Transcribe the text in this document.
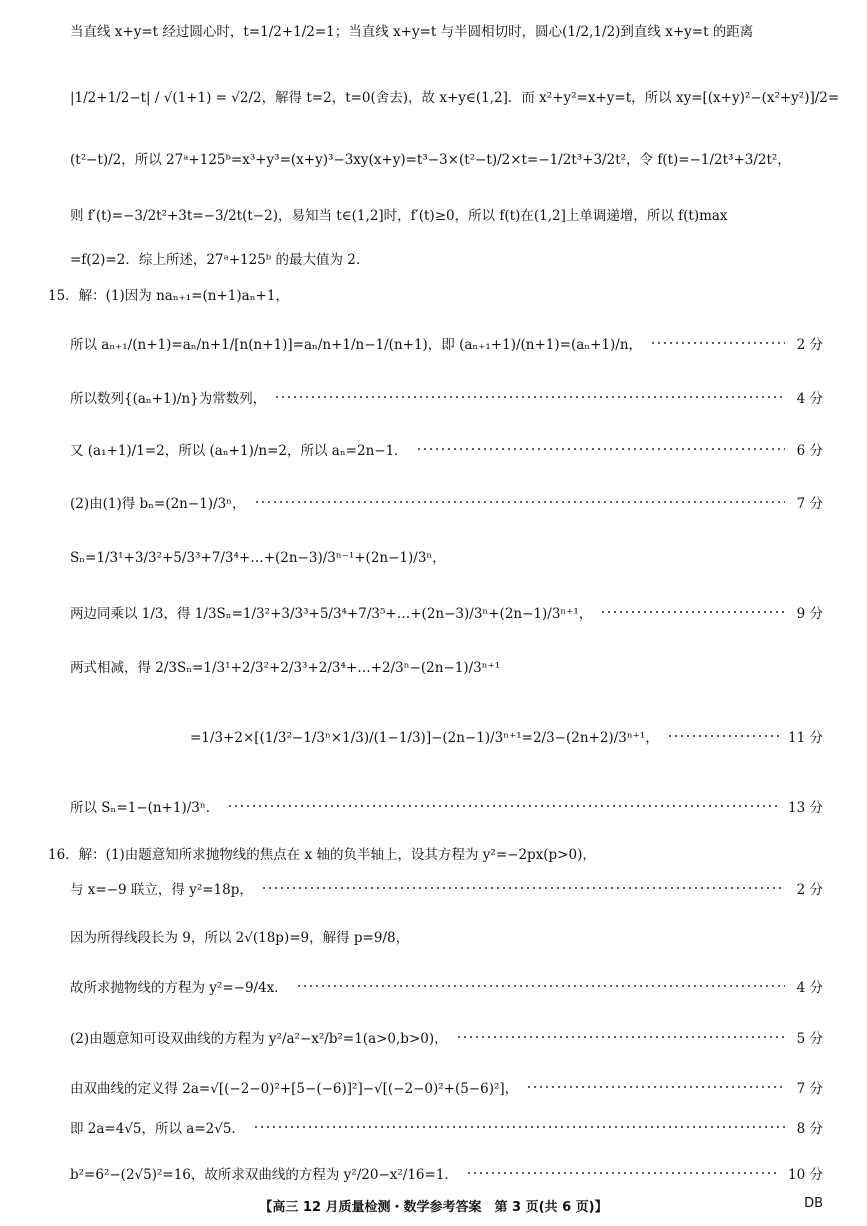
当直线 x+y=t 经过圆心时，t=1/2+1/2=1；当直线 x+y=t 与半圆相切时，圆心(1/2,1/2)到直线 x+y=t 的距离
|1/2+1/2−t| / √(1+1) = √2/2，解得 t=2，t=0(舍去)，故 x+y∈(1,2]．而 x²+y²=x+y=t，所以 xy=[(x+y)²−(x²+y²)]/2=
(t²−t)/2，所以 27ᵃ+125ᵇ=x³+y³=(x+y)³−3xy(x+y)=t³−3×(t²−t)/2×t=−1/2t³+3/2t²，令 f(t)=−1/2t³+3/2t²，
则 f′(t)=−3/2t²+3t=−3/2t(t−2)，易知当 t∈(1,2]时，f′(t)≥0，所以 f(t)在(1,2]上单调递增，所以 f(t)max
=f(2)=2．综上所述，27ᵃ+125ᵇ 的最大值为 2．
15．解：(1)因为 naₙ₊₁=(n+1)aₙ+1，
所以 aₙ₊₁/(n+1)=aₙ/n+1/[n(n+1)]=aₙ/n+1/n−1/(n+1)，即 (aₙ₊₁+1)/(n+1)=(aₙ+1)/n，	2 分
所以数列{(aₙ+1)/n}为常数列，	4 分
又 (a₁+1)/1=2，所以 (aₙ+1)/n=2，所以 aₙ=2n−1．	6 分
(2)由(1)得 bₙ=(2n−1)/3ⁿ，	7 分
Sₙ=1/3¹+3/3²+5/3³+7/3⁴+…+(2n−3)/3ⁿ⁻¹+(2n−1)/3ⁿ，
两边同乘以 1/3，得 1/3Sₙ=1/3²+3/3³+5/3⁴+7/3⁵+…+(2n−3)/3ⁿ+(2n−1)/3ⁿ⁺¹，	9 分
两式相减，得 2/3Sₙ=1/3¹+2/3²+2/3³+2/3⁴+…+2/3ⁿ−(2n−1)/3ⁿ⁺¹
=1/3+2×[(1/3²−1/3ⁿ×1/3)/(1−1/3)]−(2n−1)/3ⁿ⁺¹=2/3−(2n+2)/3ⁿ⁺¹，	11 分
所以 Sₙ=1−(n+1)/3ⁿ．	13 分
16．解：(1)由题意知所求抛物线的焦点在 x 轴的负半轴上，设其方程为 y²=−2px(p>0)，
与 x=−9 联立，得 y²=18p，	2 分
因为所得线段长为 9，所以 2√(18p)=9，解得 p=9/8，
故所求抛物线的方程为 y²=−9/4x．	4 分
(2)由题意知可设双曲线的方程为 y²/a²−x²/b²=1(a>0,b>0)，	5 分
由双曲线的定义得 2a=√[(−2−0)²+[5−(−6)]²]−√[(−2−0)²+(5−6)²]，	7 分
即 2a=4√5，所以 a=2√5．	8 分
b²=6²−(2√5)²=16，故所求双曲线的方程为 y²/20−x²/16=1．	10 分
【高三 12 月质量检测・数学参考答案　第 3 页(共 6 页)】	DB
